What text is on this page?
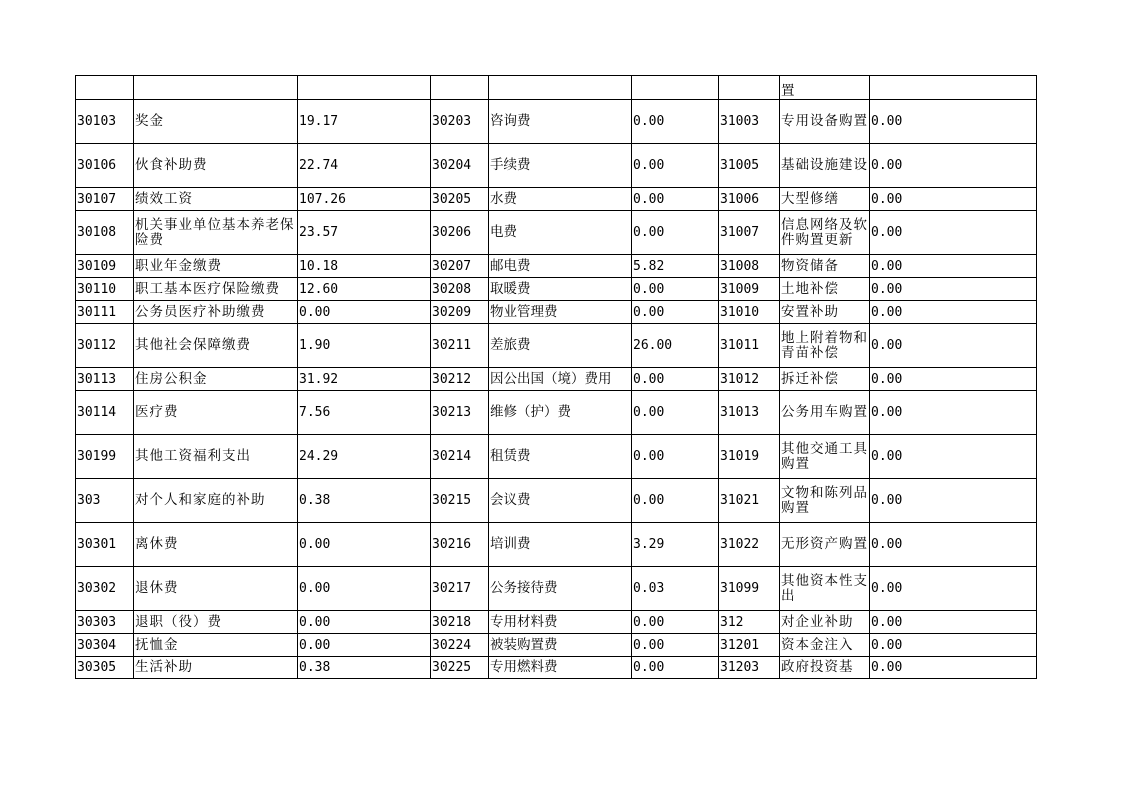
							置	
30103	奖金	19.17	30203	咨询费	0.00	31003	专用设备购置	0.00
30106	伙食补助费	22.74	30204	手续费	0.00	31005	基础设施建设	0.00
30107	绩效工资	107.26	30205	水费	0.00	31006	大型修缮	0.00
30108	机关事业单位基本养老保险费	23.57	30206	电费	0.00	31007	信息网络及软件购置更新	0.00
30109	职业年金缴费	10.18	30207	邮电费	5.82	31008	物资储备	0.00
30110	职工基本医疗保险缴费	12.60	30208	取暖费	0.00	31009	土地补偿	0.00
30111	公务员医疗补助缴费	0.00	30209	物业管理费	0.00	31010	安置补助	0.00
30112	其他社会保障缴费	1.90	30211	差旅费	26.00	31011	地上附着物和青苗补偿	0.00
30113	住房公积金	31.92	30212	因公出国（境）费用	0.00	31012	拆迁补偿	0.00
30114	医疗费	7.56	30213	维修（护）费	0.00	31013	公务用车购置	0.00
30199	其他工资福利支出	24.29	30214	租赁费	0.00	31019	其他交通工具购置	0.00
303	对个人和家庭的补助	0.38	30215	会议费	0.00	31021	文物和陈列品购置	0.00
30301	离休费	0.00	30216	培训费	3.29	31022	无形资产购置	0.00
30302	退休费	0.00	30217	公务接待费	0.03	31099	其他资本性支出	0.00
30303	退职（役）费	0.00	30218	专用材料费	0.00	312	对企业补助	0.00
30304	抚恤金	0.00	30224	被装购置费	0.00	31201	资本金注入	0.00
30305	生活补助	0.38	30225	专用燃料费	0.00	31203	政府投资基	0.00
